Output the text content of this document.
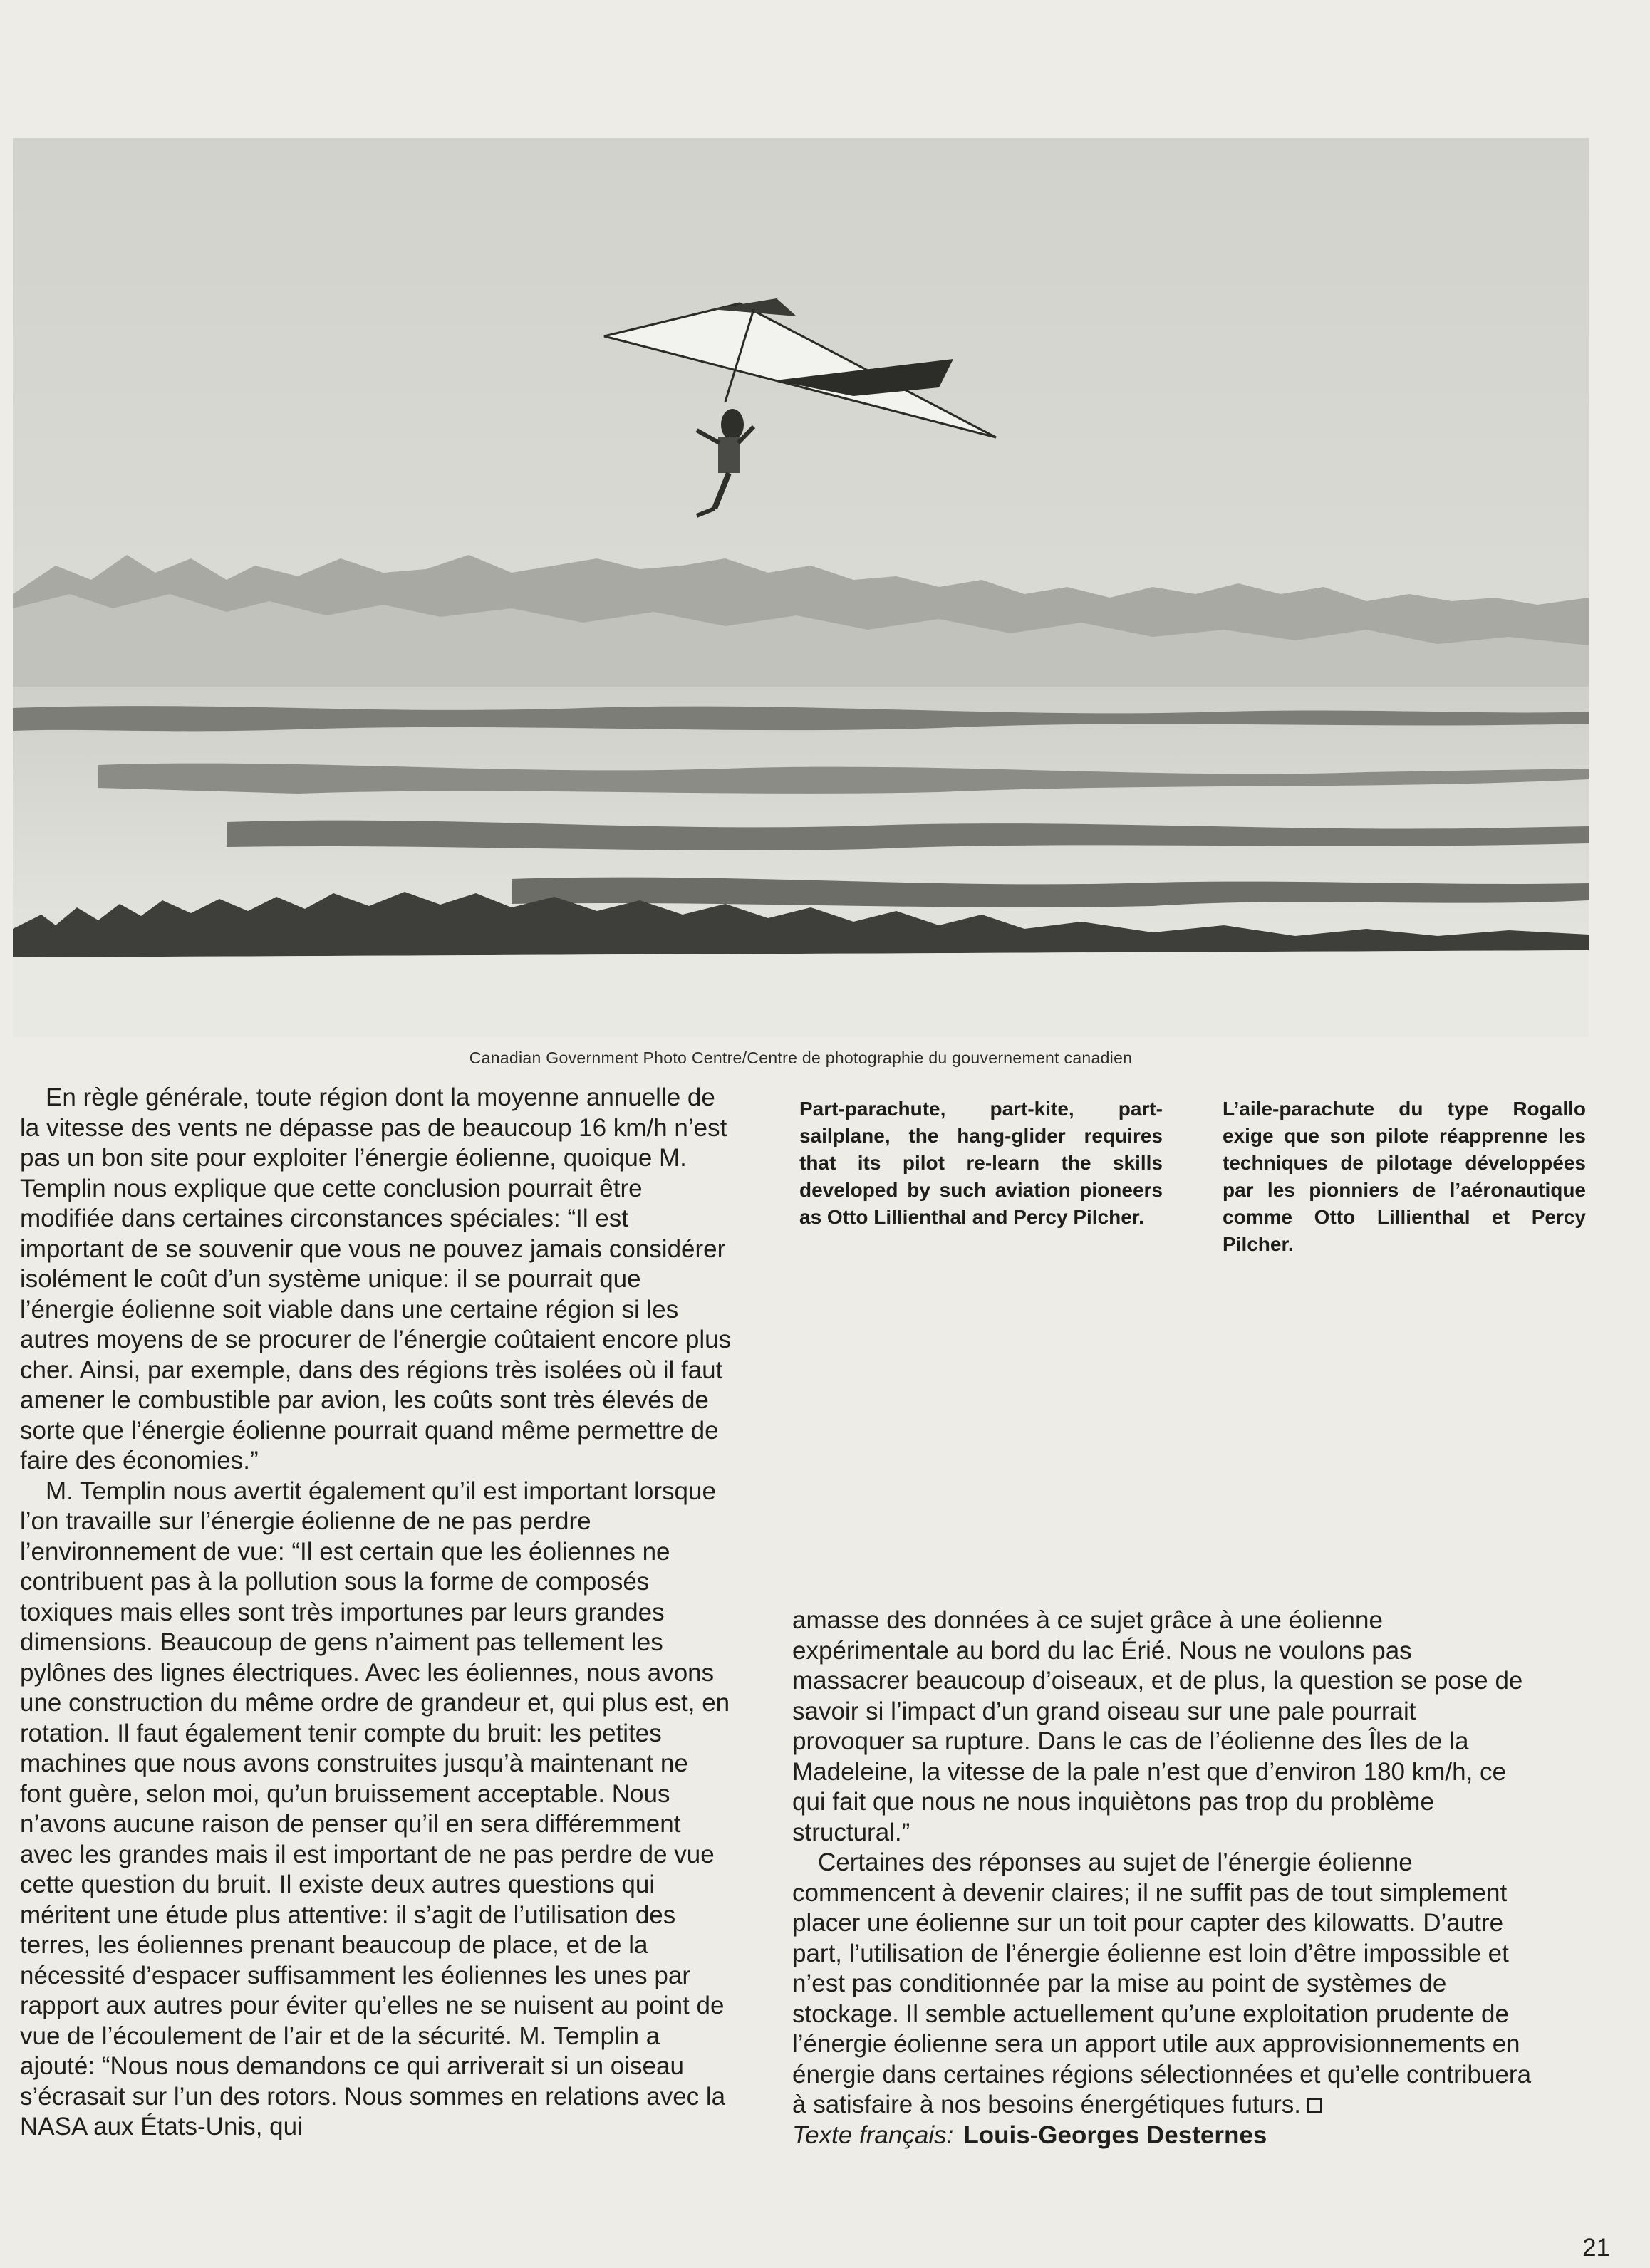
Canadian Government Photo Centre/Centre de photographie du gouvernement canadien

En règle générale, toute région dont la moyenne annuelle de la vitesse des vents ne dépasse pas de beaucoup 16 km/h n’est pas un bon site pour exploiter l’énergie éolienne, quoique M. Templin nous explique que cette conclusion pourrait être modifiée dans certaines circonstances spéciales: “Il est important de se souvenir que vous ne pouvez jamais considérer isolément le coût d’un système unique: il se pourrait que l’énergie éolienne soit viable dans une certaine région si les autres moyens de se procurer de l’énergie coûtaient encore plus cher. Ainsi, par exemple, dans des régions très isolées où il faut amener le combustible par avion, les coûts sont très élevés de sorte que l’énergie éolienne pourrait quand même permettre de faire des économies.”

M. Templin nous avertit également qu’il est important lorsque l’on travaille sur l’énergie éolienne de ne pas perdre l’environnement de vue: “Il est certain que les éoliennes ne contribuent pas à la pollution sous la forme de composés toxiques mais elles sont très importunes par leurs grandes dimensions. Beaucoup de gens n’aiment pas tellement les pylônes des lignes électriques. Avec les éoliennes, nous avons une construction du même ordre de grandeur et, qui plus est, en rotation. Il faut également tenir compte du bruit: les petites machines que nous avons construites jusqu’à maintenant ne font guère, selon moi, qu’un bruissement acceptable. Nous n’avons aucune raison de penser qu’il en sera différemment avec les grandes mais il est important de ne pas perdre de vue cette question du bruit. Il existe deux autres questions qui méritent une étude plus attentive: il s’agit de l’utilisation des terres, les éoliennes prenant beaucoup de place, et de la nécessité d’espacer suffisamment les éoliennes les unes par rapport aux autres pour éviter qu’elles ne se nuisent au point de vue de l’écoulement de l’air et de la sécurité. M. Templin a ajouté: “Nous nous demandons ce qui arriverait si un oiseau s’écrasait sur l’un des rotors. Nous sommes en relations avec la NASA aux États-Unis, qui

Part-parachute, part-kite, part-sailplane, the hang-glider requires that its pilot re-learn the skills developed by such aviation pioneers as Otto Lillienthal and Percy Pilcher.
L’aile-parachute du type Rogallo exige que son pilote réapprenne les techniques de pilotage développées par les pionniers de l’aéronautique comme Otto Lillienthal et Percy Pilcher.

amasse des données à ce sujet grâce à une éolienne expérimentale au bord du lac Érié. Nous ne voulons pas massacrer beaucoup d’oiseaux, et de plus, la question se pose de savoir si l’impact d’un grand oiseau sur une pale pourrait provoquer sa rupture. Dans le cas de l’éolienne des Îles de la Madeleine, la vitesse de la pale n’est que d’environ 180 km/h, ce qui fait que nous ne nous inquiètons pas trop du problème structural.”

Certaines des réponses au sujet de l’énergie éolienne commencent à devenir claires; il ne suffit pas de tout simplement placer une éolienne sur un toit pour capter des kilowatts. D’autre part, l’utilisation de l’énergie éolienne est loin d’être impossible et n’est pas conditionnée par la mise au point de systèmes de stockage. Il semble actuellement qu’une exploitation prudente de l’énergie éolienne sera un apport utile aux approvisionnements en énergie dans certaines régions sélectionnées et qu’elle contribuera à satisfaire à nos besoins énergétiques futurs.

Texte français: Louis-Georges Desternes

21
